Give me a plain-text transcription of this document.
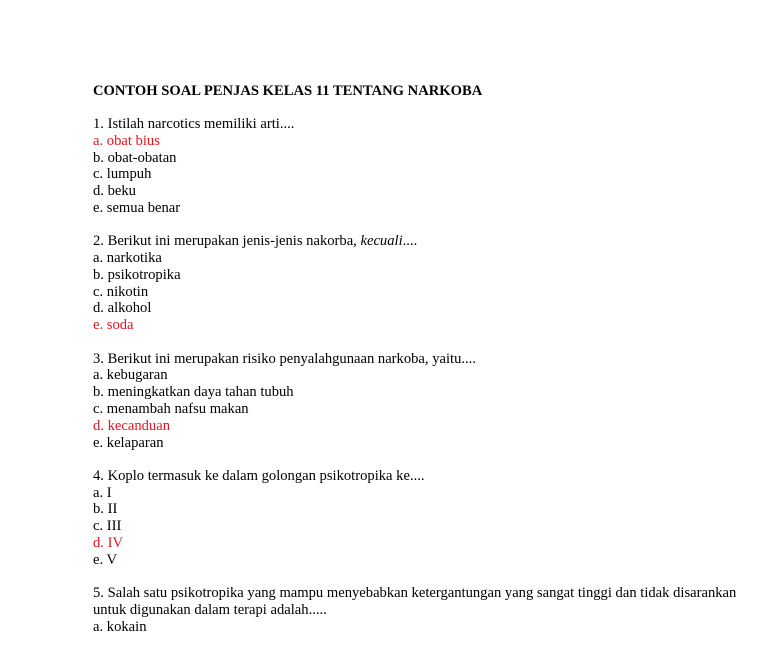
CONTOH SOAL PENJAS KELAS 11 TENTANG NARKOBA
1. Istilah narcotics memiliki arti....
a. obat bius
b. obat-obatan
c. lumpuh
d. beku
e. semua benar
2. Berikut ini merupakan jenis-jenis nakorba, kecuali....
a. narkotika
b. psikotropika
c. nikotin
d. alkohol
e. soda
3. Berikut ini merupakan risiko penyalahgunaan narkoba, yaitu....
a. kebugaran
b. meningkatkan daya tahan tubuh
c. menambah nafsu makan
d. kecanduan
e. kelaparan
4. Koplo termasuk ke dalam golongan psikotropika ke....
a. I
b. II
c. III
d. IV
e. V
5. Salah satu psikotropika yang mampu menyebabkan ketergantungan yang sangat tinggi dan tidak disarankan untuk digunakan dalam terapi adalah.....
a. kokain
